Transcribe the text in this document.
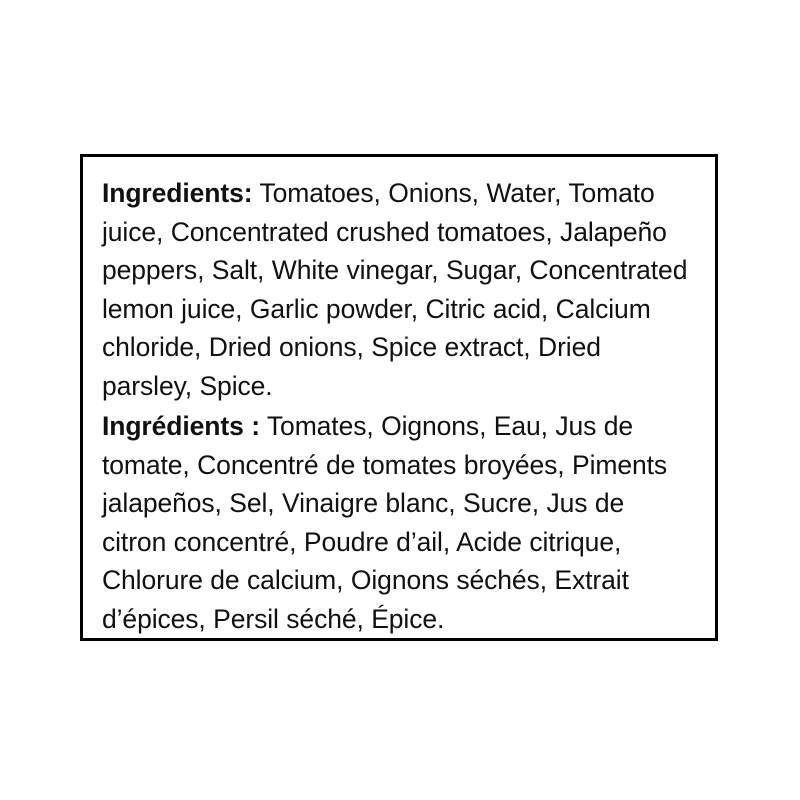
Ingredients: Tomatoes, Onions, Water, Tomato juice, Concentrated crushed tomatoes, Jalapeño peppers, Salt, White vinegar, Sugar, Concentrated lemon juice, Garlic powder, Citric acid, Calcium chloride, Dried onions, Spice extract, Dried parsley, Spice.

Ingrédients : Tomates, Oignons, Eau, Jus de tomate, Concentré de tomates broyées, Piments jalapeños, Sel, Vinaigre blanc, Sucre, Jus de citron concentré, Poudre d’ail, Acide citrique, Chlorure de calcium, Oignons séchés, Extrait d’épices, Persil séché, Épice.
